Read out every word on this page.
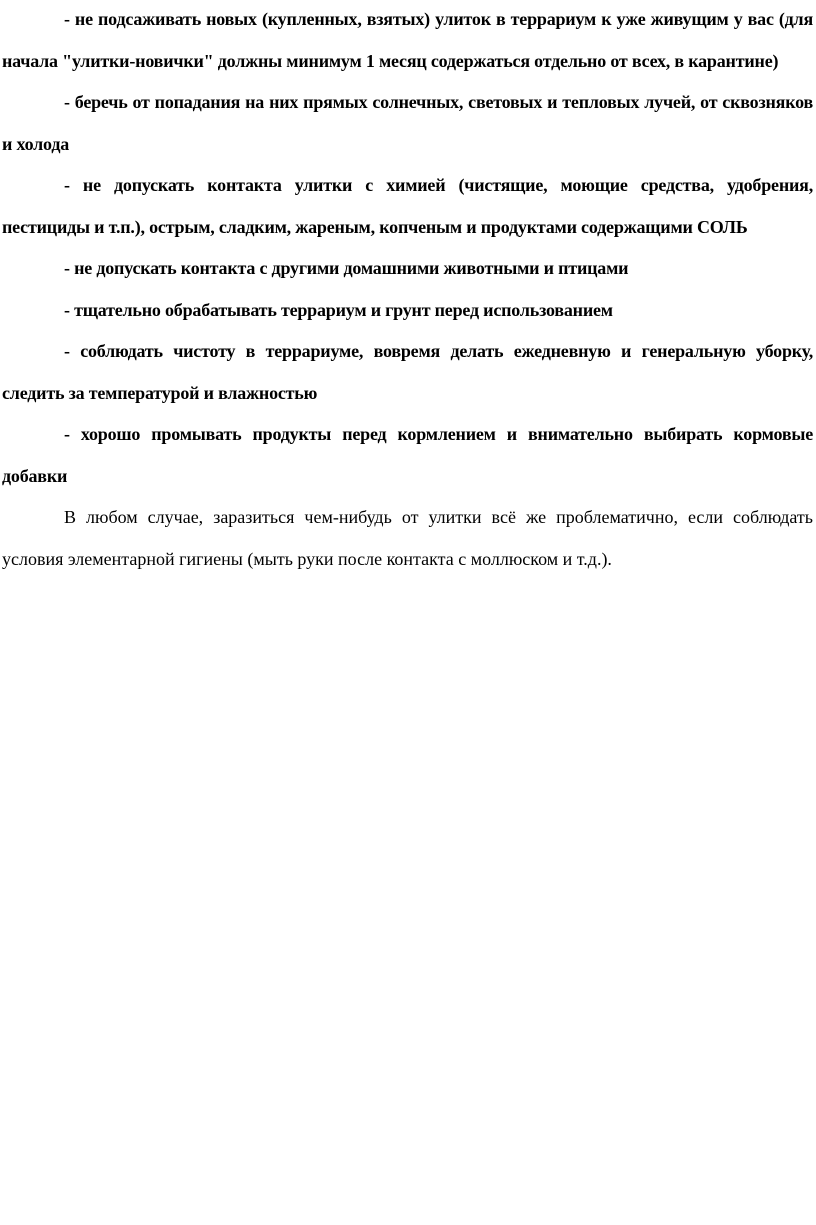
- не подсаживать новых (купленных, взятых) улиток в террариум к уже живущим у вас (для начала "улитки-новички" должны минимум 1 месяц содержаться отдельно от всех, в карантине)

- беречь от попадания на них прямых солнечных, световых и тепловых лучей, от сквозняков и холода

- не допускать контакта улитки с химией (чистящие, моющие средства, удобрения, пестициды и т.п.), острым, сладким, жареным, копченым и продуктами содержащими СОЛЬ

- не допускать контакта с другими домашними животными и птицами

- тщательно обрабатывать террариум и грунт перед использованием

- соблюдать чистоту в террариуме, вовремя делать ежедневную и генеральную уборку, следить за температурой и влажностью

- хорошо промывать продукты перед кормлением и внимательно выбирать кормовые добавки

В любом случае, заразиться чем-нибудь от улитки всё же проблематично, если соблюдать условия элементарной гигиены (мыть руки после контакта с моллюском и т.д.).
